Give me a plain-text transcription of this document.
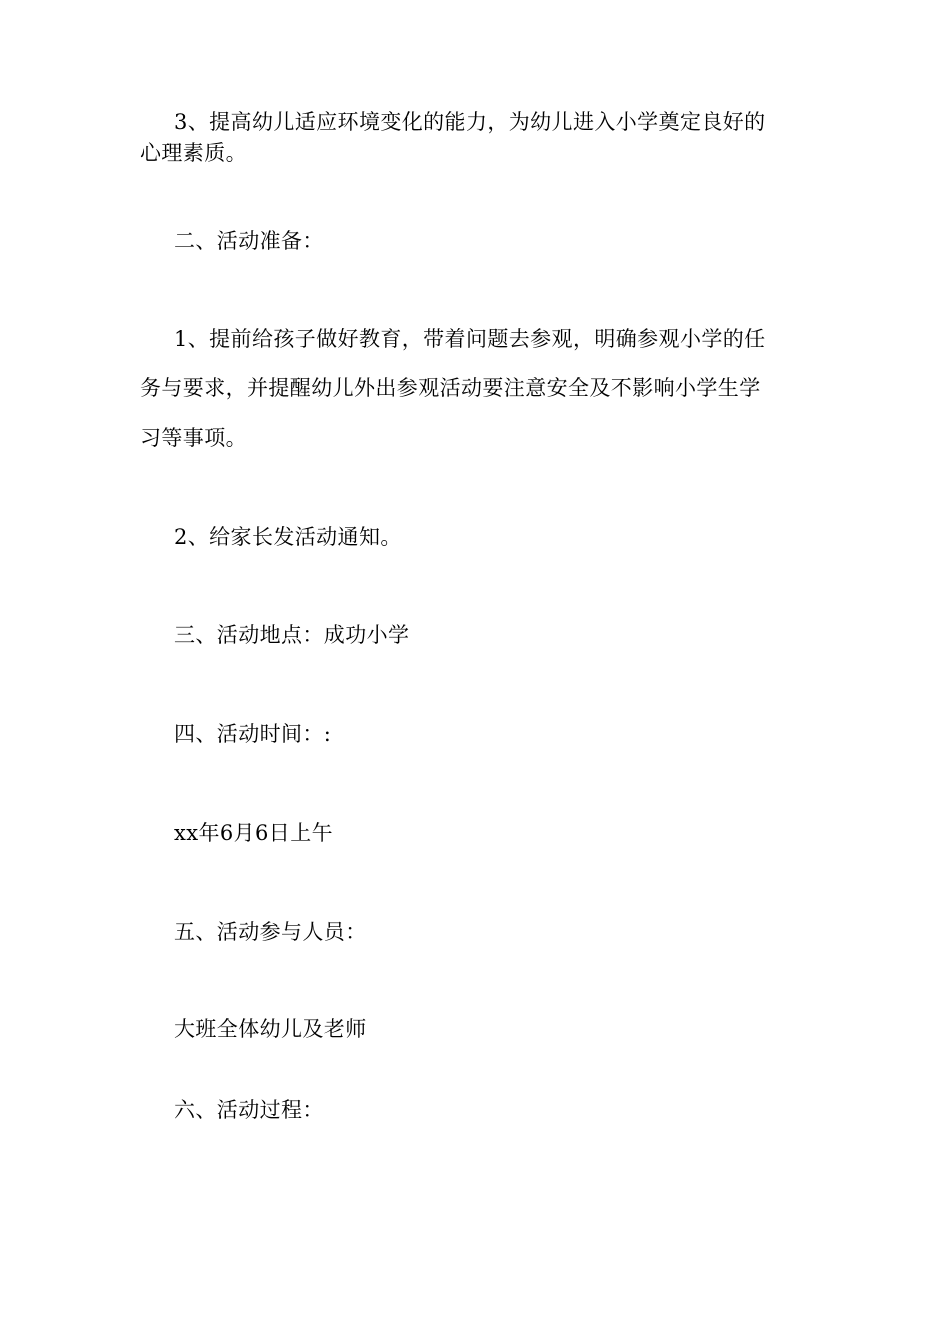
3、提高幼儿适应环境变化的能力，为幼儿进入小学奠定良好的
心理素质。
二、活动准备：
1、提前给孩子做好教育，带着问题去参观，明确参观小学的任
务与要求，并提醒幼儿外出参观活动要注意安全及不影响小学生学
习等事项。
2、给家长发活动通知。
三、活动地点：成功小学
四、活动时间：:
xx年6月6日上午
五、活动参与人员：
大班全体幼儿及老师
六、活动过程：
